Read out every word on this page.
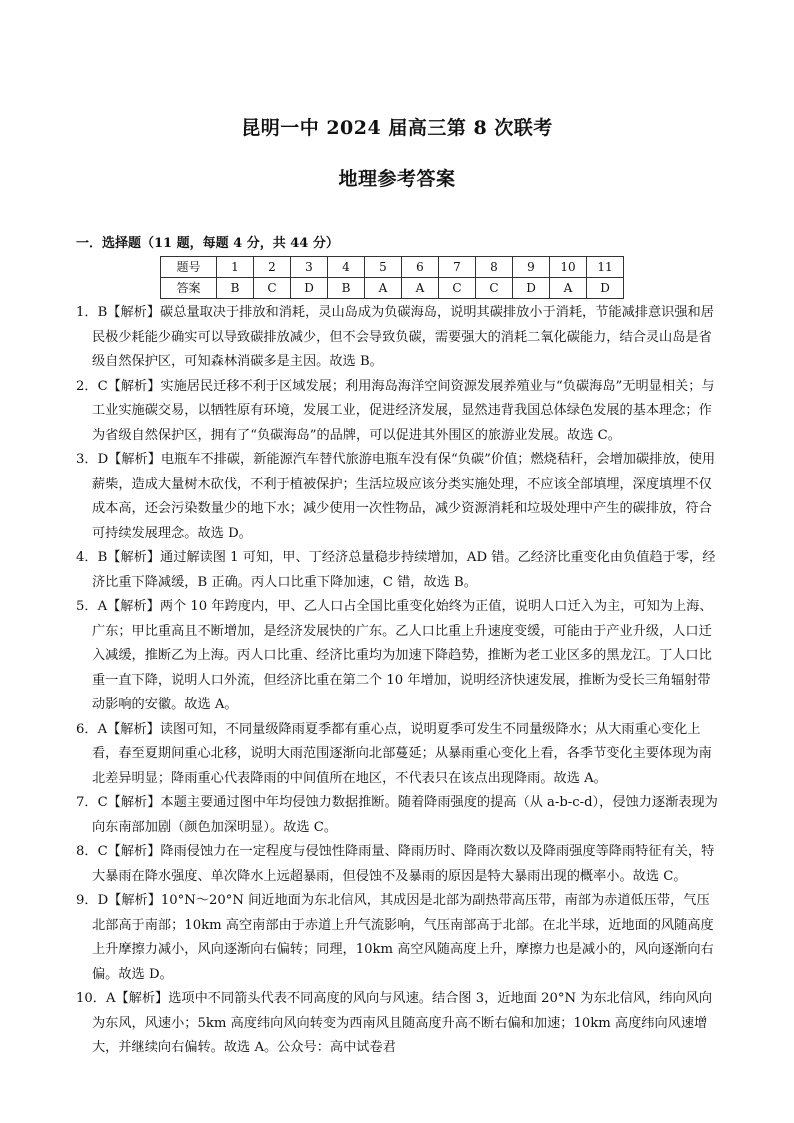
昆明一中 2024 届高三第 8 次联考
地理参考答案
一．选择题（11 题，每题 4 分，共 44 分）
题号	1	2	3	4	5	6	7	8	9	10	11
答案	B	C	D	B	A	A	C	C	D	A	D

1．B【解析】碳总量取决于排放和消耗，灵山岛成为负碳海岛，说明其碳排放小于消耗，节能减排意识强和居民极少耗能少确实可以导致碳排放减少，但不会导致负碳，需要强大的消耗二氧化碳能力，结合灵山岛是省级自然保护区，可知森林消碳多是主因。故选 B。

2．C【解析】实施居民迁移不利于区域发展；利用海岛海洋空间资源发展养殖业与“负碳海岛”无明显相关；与工业实施碳交易，以牺牲原有环境，发展工业，促进经济发展，显然违背我国总体绿色发展的基本理念；作为省级自然保护区，拥有了“负碳海岛”的品牌，可以促进其外围区的旅游业发展。故选 C。

3．D【解析】电瓶车不排碳，新能源汽车替代旅游电瓶车没有保“负碳”价值；燃烧秸秆，会增加碳排放，使用薪柴，造成大量树木砍伐，不利于植被保护；生活垃圾应该分类实施处理，不应该全部填埋，深度填埋不仅成本高，还会污染数量少的地下水；减少使用一次性物品，减少资源消耗和垃圾处理中产生的碳排放，符合可持续发展理念。故选 D。

4．B【解析】通过解读图 1 可知，甲、丁经济总量稳步持续增加，AD 错。乙经济比重变化由负值趋于零，经济比重下降减缓，B 正确。丙人口比重下降加速，C 错，故选 B。

5．A【解析】两个 10 年跨度内，甲、乙人口占全国比重变化始终为正值，说明人口迁入为主，可知为上海、广东；甲比重高且不断增加，是经济发展快的广东。乙人口比重上升速度变缓，可能由于产业升级，人口迁入减缓，推断乙为上海。丙人口比重、经济比重均为加速下降趋势，推断为老工业区多的黑龙江。丁人口比重一直下降，说明人口外流，但经济比重在第二个 10 年增加，说明经济快速发展，推断为受长三角辐射带动影响的安徽。故选 A。

6．A【解析】读图可知，不同量级降雨夏季都有重心点，说明夏季可发生不同量级降水；从大雨重心变化上看，春至夏期间重心北移，说明大雨范围逐渐向北部蔓延；从暴雨重心变化上看，各季节变化主要体现为南北差异明显；降雨重心代表降雨的中间值所在地区，不代表只在该点出现降雨。故选 A。

7．C【解析】本题主要通过图中年均侵蚀力数据推断。随着降雨强度的提高（从 a-b-c-d），侵蚀力逐渐表现为向东南部加剧（颜色加深明显）。故选 C。

8．C【解析】降雨侵蚀力在一定程度与侵蚀性降雨量、降雨历时、降雨次数以及降雨强度等降雨特征有关，特大暴雨在降水强度、单次降水上远超暴雨，但侵蚀不及暴雨的原因是特大暴雨出现的概率小。故选 C。

9．D【解析】10°N～20°N 间近地面为东北信风，其成因是北部为副热带高压带，南部为赤道低压带，气压北部高于南部；10km 高空南部由于赤道上升气流影响，气压南部高于北部。在北半球，近地面的风随高度上升摩擦力减小，风向逐渐向右偏转；同理，10km 高空风随高度上升，摩擦力也是减小的，风向逐渐向右偏。故选 D。

10．A【解析】选项中不同箭头代表不同高度的风向与风速。结合图 3，近地面 20°N 为东北信风，纬向风向为东风，风速小；5km 高度纬向风向转变为西南风且随高度升高不断右偏和加速；10km 高度纬向风速增大，并继续向右偏转。故选 A。公众号：高中试卷君
